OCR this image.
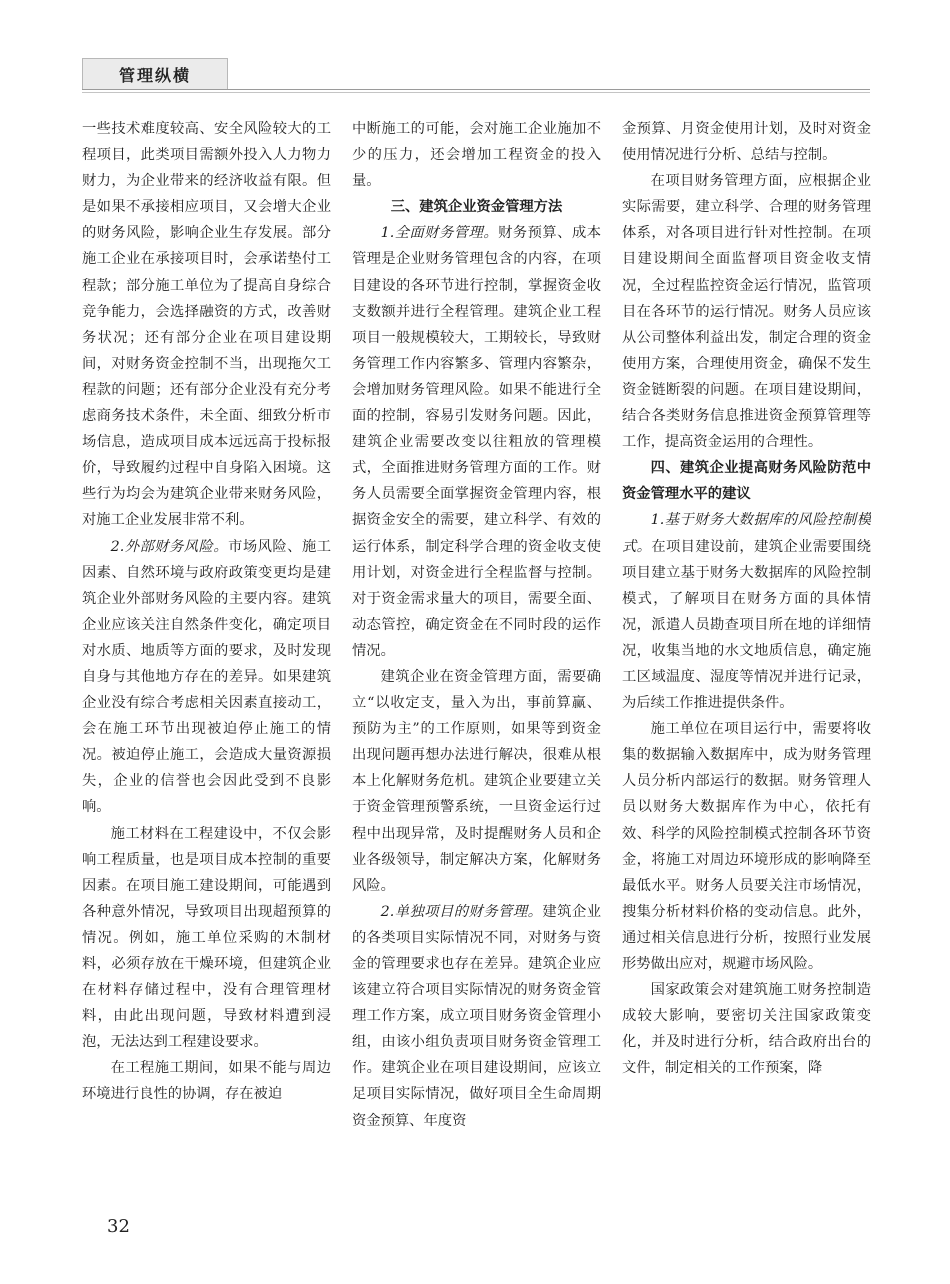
管理纵横

一些技术难度较高、安全风险较大的工程项目，此类项目需额外投入人力物力财力，为企业带来的经济收益有限。但是如果不承接相应项目，又会增大企业的财务风险，影响企业生存发展。部分施工企业在承接项目时，会承诺垫付工程款；部分施工单位为了提高自身综合竞争能力，会选择融资的方式，改善财务状况；还有部分企业在项目建设期间，对财务资金控制不当，出现拖欠工程款的问题；还有部分企业没有充分考虑商务技术条件，未全面、细致分析市场信息，造成项目成本远远高于投标报价，导致履约过程中自身陷入困境。这些行为均会为建筑企业带来财务风险，对施工企业发展非常不利。

2.外部财务风险。市场风险、施工因素、自然环境与政府政策变更均是建筑企业外部财务风险的主要内容。建筑企业应该关注自然条件变化，确定项目对水质、地质等方面的要求，及时发现自身与其他地方存在的差异。如果建筑企业没有综合考虑相关因素直接动工，会在施工环节出现被迫停止施工的情况。被迫停止施工，会造成大量资源损失，企业的信誉也会因此受到不良影响。

施工材料在工程建设中，不仅会影响工程质量，也是项目成本控制的重要因素。在项目施工建设期间，可能遇到各种意外情况，导致项目出现超预算的情况。例如，施工单位采购的木制材料，必须存放在干燥环境，但建筑企业在材料存储过程中，没有合理管理材料，由此出现问题，导致材料遭到浸泡，无法达到工程建设要求。

在工程施工期间，如果不能与周边环境进行良性的协调，存在被迫

中断施工的可能，会对施工企业施加不少的压力，还会增加工程资金的投入量。

三、建筑企业资金管理方法

1.全面财务管理。财务预算、成本管理是企业财务管理包含的内容，在项目建设的各环节进行控制，掌握资金收支数额并进行全程管理。建筑企业工程项目一般规模较大，工期较长，导致财务管理工作内容繁多、管理内容繁杂，会增加财务管理风险。如果不能进行全面的控制，容易引发财务问题。因此，建筑企业需要改变以往粗放的管理模式，全面推进财务管理方面的工作。财务人员需要全面掌握资金管理内容，根据资金安全的需要，建立科学、有效的运行体系，制定科学合理的资金收支使用计划，对资金进行全程监督与控制。对于资金需求量大的项目，需要全面、动态管控，确定资金在不同时段的运作情况。

建筑企业在资金管理方面，需要确立“以收定支，量入为出，事前算赢、预防为主”的工作原则，如果等到资金出现问题再想办法进行解决，很难从根本上化解财务危机。建筑企业要建立关于资金管理预警系统，一旦资金运行过程中出现异常，及时提醒财务人员和企业各级领导，制定解决方案，化解财务风险。

2.单独项目的财务管理。建筑企业的各类项目实际情况不同，对财务与资金的管理要求也存在差异。建筑企业应该建立符合项目实际情况的财务资金管理工作方案，成立项目财务资金管理小组，由该小组负责项目财务资金管理工作。建筑企业在项目建设期间，应该立足项目实际情况，做好项目全生命周期资金预算、年度资

金预算、月资金使用计划，及时对资金使用情况进行分析、总结与控制。

在项目财务管理方面，应根据企业实际需要，建立科学、合理的财务管理体系，对各项目进行针对性控制。在项目建设期间全面监督项目资金收支情况，全过程监控资金运行情况，监管项目在各环节的运行情况。财务人员应该从公司整体利益出发，制定合理的资金使用方案，合理使用资金，确保不发生资金链断裂的问题。在项目建设期间，结合各类财务信息推进资金预算管理等工作，提高资金运用的合理性。

四、建筑企业提高财务风险防范中资金管理水平的建议

1.基于财务大数据库的风险控制模式。在项目建设前，建筑企业需要围绕项目建立基于财务大数据库的风险控制模式，了解项目在财务方面的具体情况，派遣人员勘查项目所在地的详细情况，收集当地的水文地质信息，确定施工区域温度、湿度等情况并进行记录，为后续工作推进提供条件。

施工单位在项目运行中，需要将收集的数据输入数据库中，成为财务管理人员分析内部运行的数据。财务管理人员以财务大数据库作为中心，依托有效、科学的风险控制模式控制各环节资金，将施工对周边环境形成的影响降至最低水平。财务人员要关注市场情况，搜集分析材料价格的变动信息。此外，通过相关信息进行分析，按照行业发展形势做出应对，规避市场风险。

国家政策会对建筑施工财务控制造成较大影响，要密切关注国家政策变化，并及时进行分析，结合政府出台的文件，制定相关的工作预案，降

32
